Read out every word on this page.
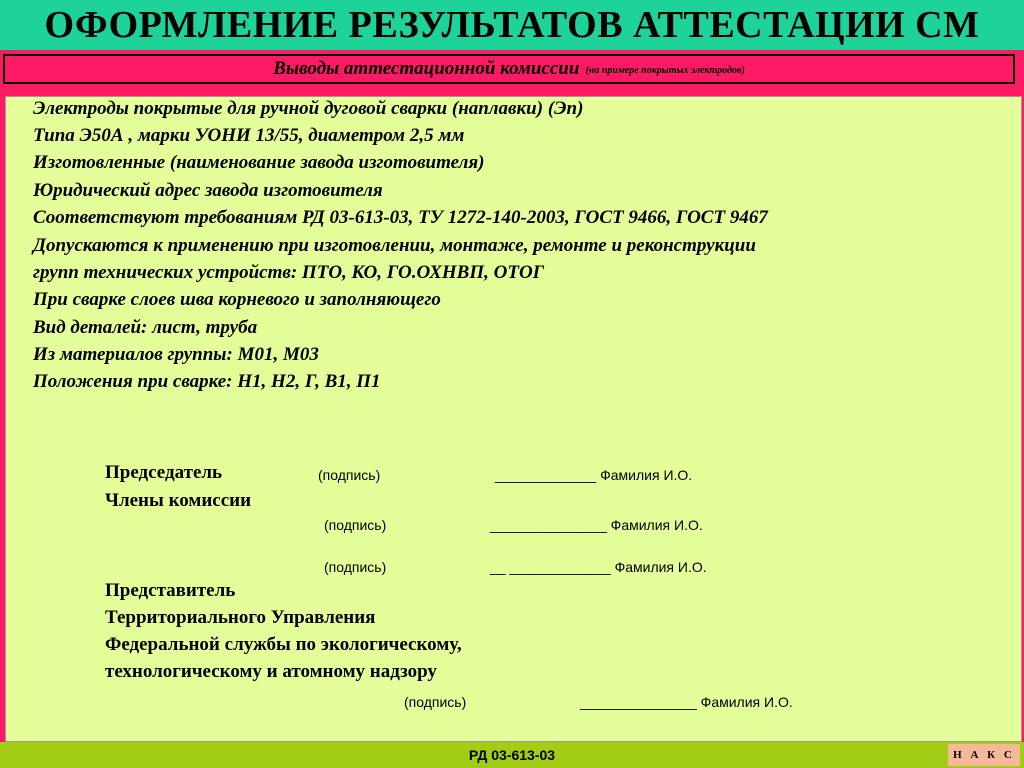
ОФОРМЛЕНИЕ РЕЗУЛЬТАТОВ АТТЕСТАЦИИ СМ
Выводы аттестационной комиссии (на примере покрытых электродов)
Электроды покрытые для ручной дуговой сварки (наплавки) (Эп)
Типа Э50А , марки УОНИ 13/55, диаметром 2,5 мм
Изготовленные (наименование завода изготовителя)
Юридический адрес завода изготовителя
Соответствуют требованиям РД 03-613-03, ТУ 1272-140-2003, ГОСТ 9466, ГОСТ 9467
Допускаются к применению при изготовлении, монтаже, ремонте и реконструкции
групп технических устройств: ПТО, КО, ГО.ОХНВП, ОТОГ
При сварке слоев шва корневого и заполняющего
Вид деталей: лист, труба
Из материалов группы: М01, М03
Положения при сварке: Н1, Н2, Г, В1, П1
Председатель	(подпись)	_____________ Фамилия И.О.
Члены комиссии
(подпись)	_______________ Фамилия И.О.
(подпись)	__ _____________ Фамилия И.О.
Представитель
Территориального Управления
Федеральной службы по экологическому,
технологическому и атомному надзору
(подпись)	_______________ Фамилия И.О.
РД 03-613-03	Н А К С
